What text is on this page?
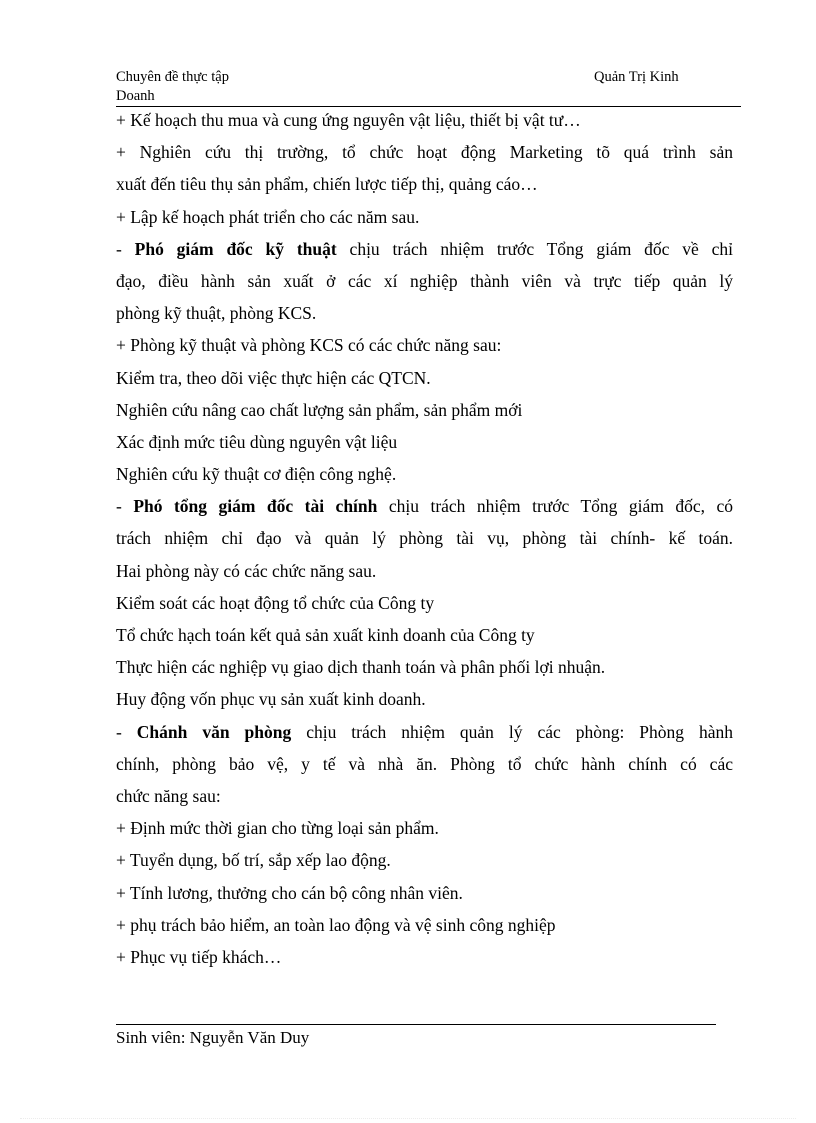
Chuyên đề thực tập
Doanh
Quản Trị Kinh
+ Kế hoạch thu mua và cung ứng nguyên vật liệu, thiết bị vật tư…
+ Nghiên cứu thị trường, tổ chức hoạt động Marketing tõ quá trình sản
xuất đến tiêu thụ sản phẩm, chiến lược tiếp thị, quảng cáo…
+ Lập kế hoạch phát triển cho các năm sau.
- Phó giám đốc kỹ thuật chịu trách nhiệm trước Tổng giám đốc về chỉ
đạo, điều hành sản xuất ở các xí nghiệp thành viên và trực tiếp quản lý
phòng kỹ thuật, phòng KCS.
+ Phòng kỹ thuật và phòng KCS có các chức năng sau:
Kiểm tra, theo dõi việc thực hiện các QTCN.
Nghiên cứu nâng cao chất lượng sản phẩm, sản phẩm mới
Xác định mức tiêu dùng nguyên vật liệu
Nghiên cứu kỹ thuật cơ điện công nghệ.
- Phó tổng giám đốc tài chính chịu trách nhiệm trước Tổng giám đốc, có
trách nhiệm chỉ đạo và quản lý phòng tài vụ, phòng tài chính- kế toán.
Hai phòng này có các chức năng sau.
Kiểm soát các hoạt động tổ chức của Công ty
Tổ chức hạch toán kết quả sản xuất kinh doanh của Công ty
Thực hiện các nghiệp vụ giao dịch thanh toán và phân phối lợi nhuận.
Huy động vốn phục vụ sản xuất kinh doanh.
- Chánh văn phòng chịu trách nhiệm quản lý các phòng: Phòng hành
chính, phòng bảo vệ, y tế và nhà ăn. Phòng tổ chức hành chính có các
chức năng sau:
+ Định mức thời gian cho từng loại sản phẩm.
+ Tuyển dụng, bố trí, sắp xếp lao động.
+ Tính lương, thưởng cho cán bộ công nhân viên.
+ phụ trách bảo hiểm, an toàn lao động và vệ sinh công nghiệp
+ Phục vụ tiếp khách…
Sinh viên: Nguyễn Văn Duy
